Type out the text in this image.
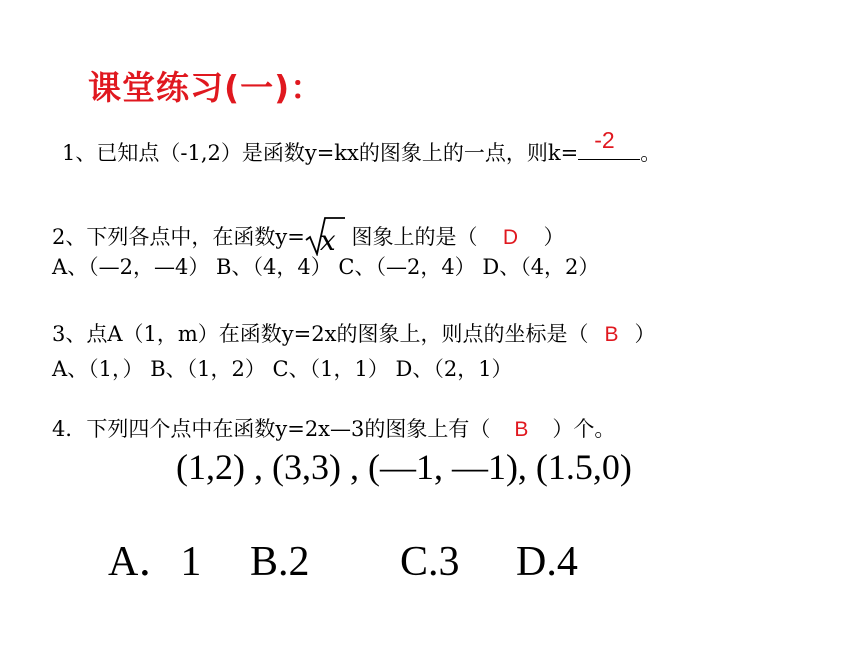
课堂练习(一)：
1、已知点（-1,2）是函数y=kx的图象上的一点，则k= -2 。
2、下列各点中，在函数y= x 图象上的是（ D ）
A、（—2，—4） B、（4，4） C、（—2，4） D、（4，2）
3、点A（1，m）在函数y=2x的图象上，则点的坐标是（ B ）
A、（1，） B、（1，2） C、（1，1） D、（2，1）
4．下列四个点中在函数y=2x—3的图象上有（ B ）个。
(1,2) , (3,3) , (—1, —1), (1.5,0)
A．1 B.2 C.3 D.4
